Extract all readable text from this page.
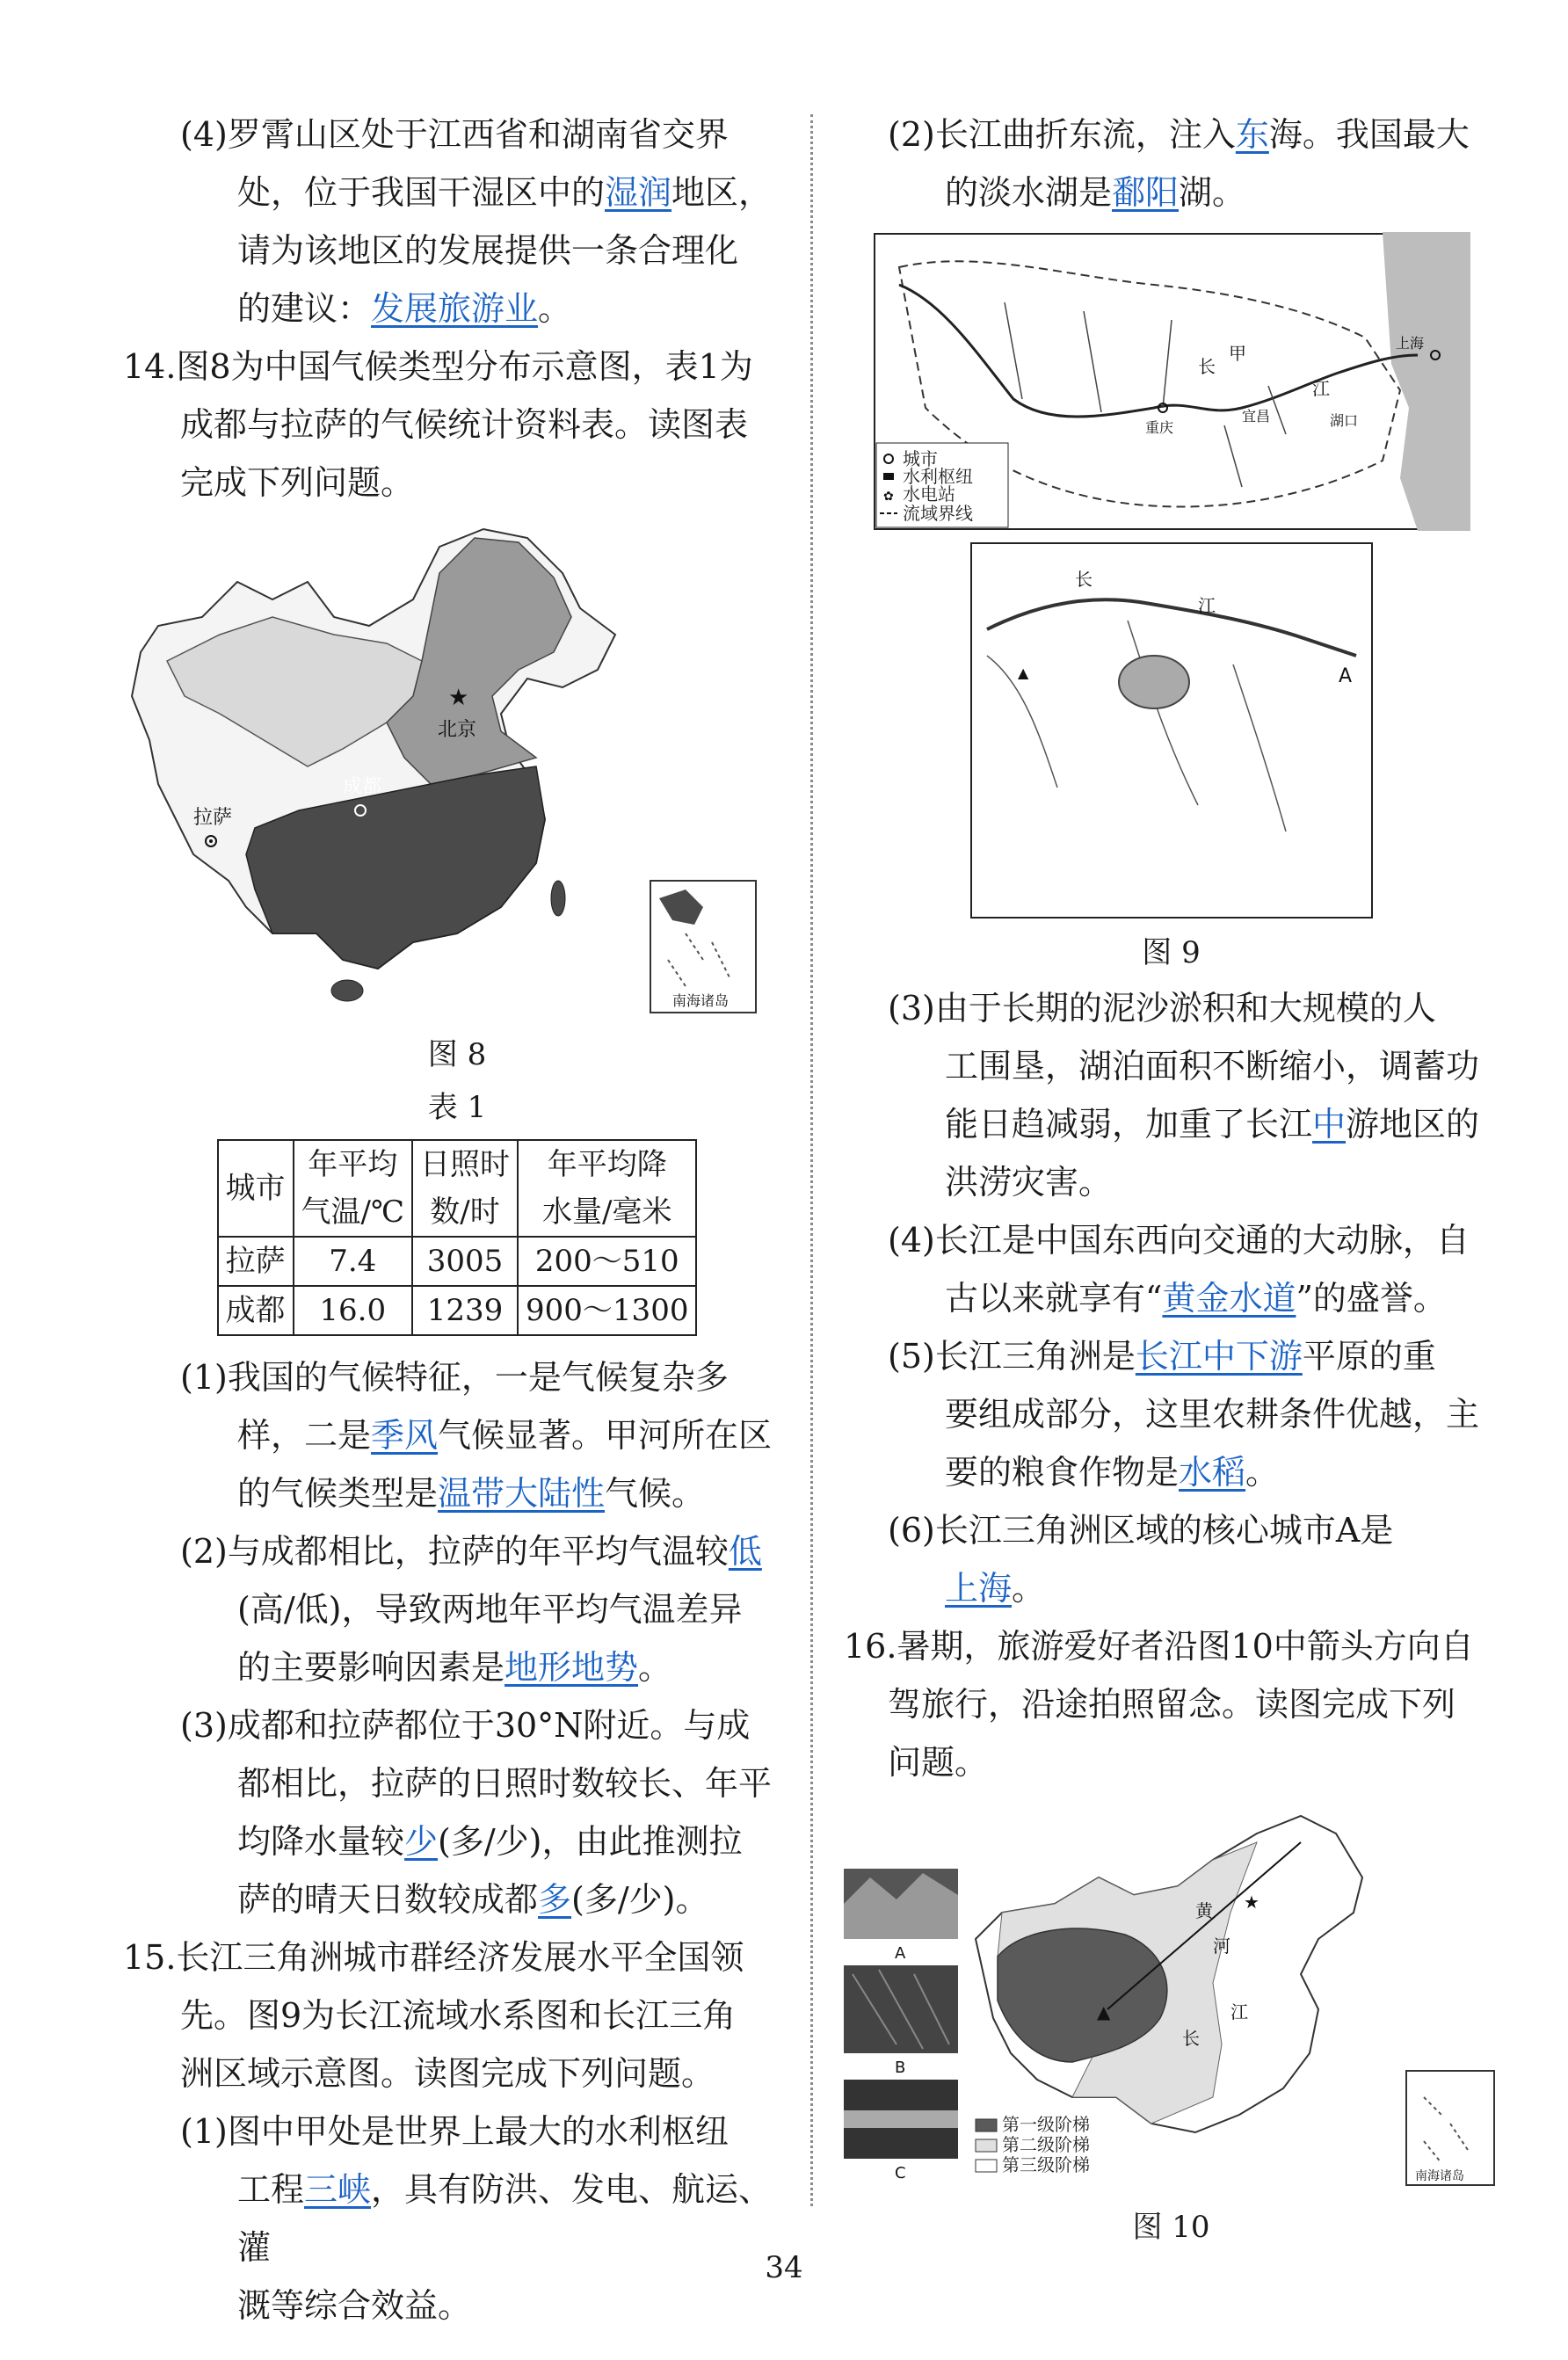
(4)罗霄山区处于江西省和湖南省交界

处，位于我国干湿区中的湿润地区，

请为该地区的发展提供一条合理化

的建议：发展旅游业。

14.图8为中国气候类型分布示意图，表1为

成都与拉萨的气候统计资料表。读图表

完成下列问题。

★
北京
拉萨
成都
南海诸岛

图 8

表 1

城市	年平均	日照时	年平均降
	气温/℃	数/时	水量/毫米
拉萨	7.4	3005	200～510
成都	16.0	1239	900～1300

(1)我国的气候特征，一是气候复杂多

样，二是季风气候显著。甲河所在区

的气候类型是温带大陆性气候。

(2)与成都相比，拉萨的年平均气温较低

(高/低)，导致两地年平均气温差异

的主要影响因素是地形地势。

(3)成都和拉萨都位于30°N附近。与成

都相比，拉萨的日照时数较长、年平

均降水量较少(多/少)，由此推测拉

萨的晴天日数较成都多(多/少)。

15.长江三角洲城市群经济发展水平全国领

先。图9为长江流域水系图和长江三角

洲区域示意图。读图完成下列问题。

(1)图中甲处是世界上最大的水利枢纽

工程三峡，具有防洪、发电、航运、灌

溉等综合效益。

(2)长江曲折东流，注入东海。我国最大

的淡水湖是鄱阳湖。

甲
长
江
重庆
宜昌	湖口
上海
城市
水利枢纽
✿ 水电站
流域界线
长
江
A
▲

图 9

(3)由于长期的泥沙淤积和大规模的人

工围垦，湖泊面积不断缩小，调蓄功

能日趋减弱，加重了长江中游地区的

洪涝灾害。

(4)长江是中国东西向交通的大动脉，自

古以来就享有“黄金水道”的盛誉。

(5)长江三角洲是长江中下游平原的重

要组成部分，这里农耕条件优越，主

要的粮食作物是水稻。

(6)长江三角洲区域的核心城市A是

上海。

16.暑期，旅游爱好者沿图10中箭头方向自

驾旅行，沿途拍照留念。读图完成下列

问题。

A
B
C
▲
★
黄
河
长
江
第一级阶梯
第二级阶梯
第三级阶梯
南海诸岛

图 10

34
